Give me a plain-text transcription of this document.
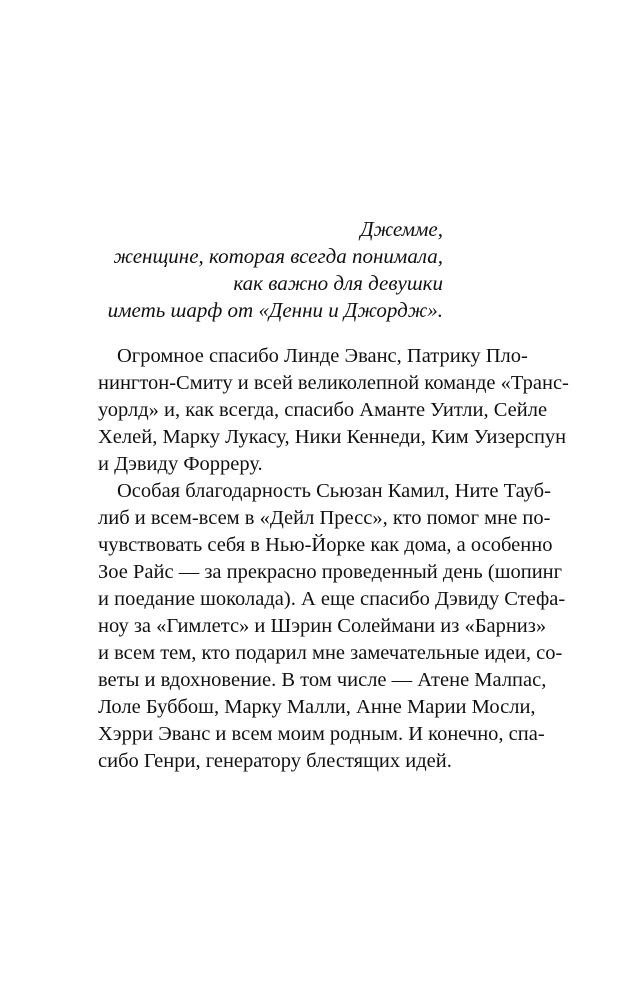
Джемме,
женщине, которая всегда понимала,
как важно для девушки
иметь шарф от «Денни и Джордж».
Огромное спасибо Линде Эванс, Патрику Пло-
нингтон-Смиту и всей великолепной команде «Транс-
уорлд» и, как всегда, спасибо Аманте Уитли, Сейле
Хелей, Марку Лукасу, Ники Кеннеди, Ким Уизерспун
и Дэвиду Форреру.
Особая благодарность Сьюзан Камил, Ните Тауб-
либ и всем-всем в «Дейл Пресс», кто помог мне по-
чувствовать себя в Нью-Йорке как дома, а особенно
Зое Райс — за прекрасно проведенный день (шопинг
и поедание шоколада). А еще спасибо Дэвиду Стефа-
ноу за «Гимлетс» и Шэрин Солеймани из «Барниз»
и всем тем, кто подарил мне замечательные идеи, со-
веты и вдохновение. В том числе — Атене Малпас,
Лоле Буббош, Марку Малли, Анне Марии Мосли,
Хэрри Эванс и всем моим родным. И конечно, спа-
сибо Генри, генератору блестящих идей.
